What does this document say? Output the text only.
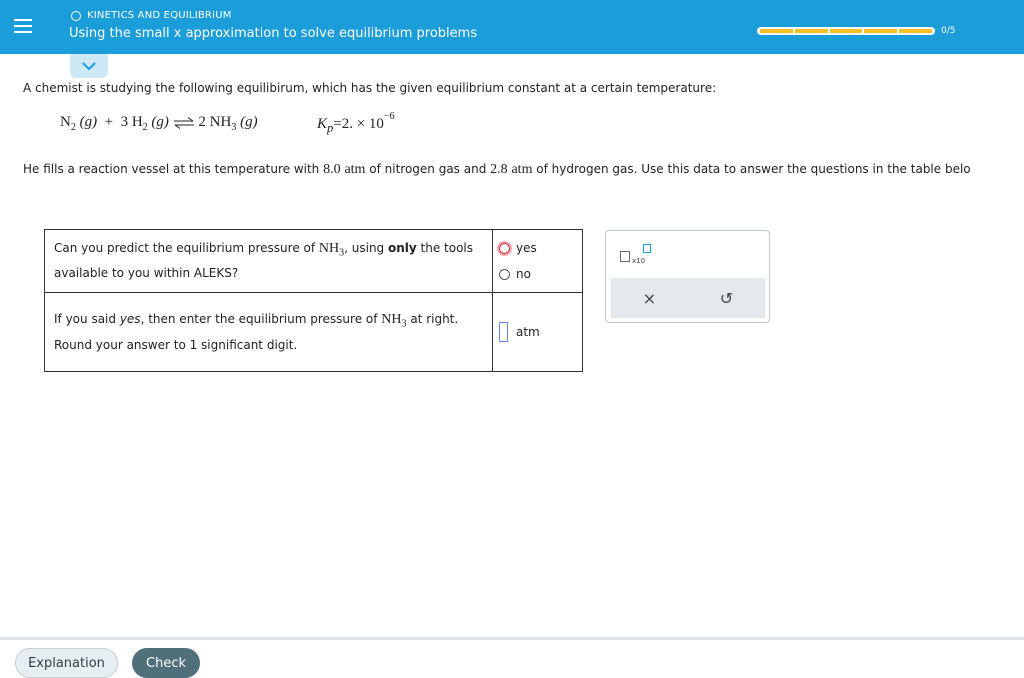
KINETICS AND EQUILIBRIUM
Using the small x approximation to solve equilibrium problems	0/5
A chemist is studying the following equilibirum, which has the given equilibrium constant at a certain temperature:
$N_2$ (g) + 3 $H_2$ (g) ⇌ 2 $NH_3$ (g)	$K_p=2$. × $10^{-6}$
He fills a reaction vessel at this temperature with 8.0 atm of nitrogen gas and 2.8 atm of hydrogen gas. Use this data to answer the questions in the table belo
Can you predict the equilibrium pressure of $NH_3$, using only the tools available to you within ALEKS?	yes
no

If you said yes, then enter the equilibrium pressure of $NH_3$ at right. Round your answer to 1 significant digit.	atm
x10
×	↺
Explanation	Check
